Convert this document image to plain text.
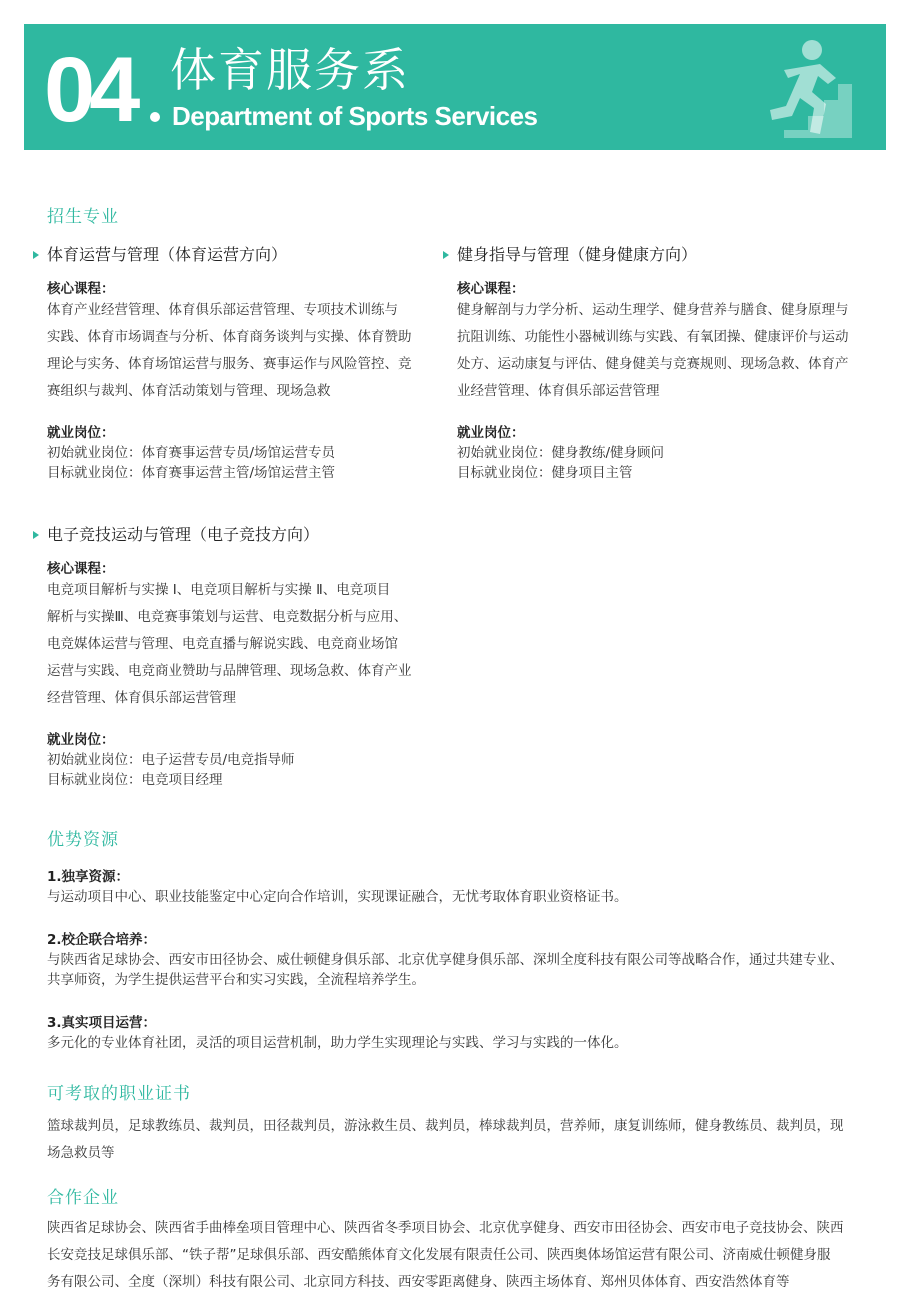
04 体育服务系
Department of Sports Services
招生专业
体育运营与管理（体育运营方向）
核心课程：
体育产业经营管理、体育俱乐部运营管理、专项技术训练与
实践、体育市场调查与分析、体育商务谈判与实操、体育赞助
理论与实务、体育场馆运营与服务、赛事运作与风险管控、竞
赛组织与裁判、体育活动策划与管理、现场急救
就业岗位：
初始就业岗位：体育赛事运营专员/场馆运营专员
目标就业岗位：体育赛事运营主管/场馆运营主管
健身指导与管理（健身健康方向）
核心课程：
健身解剖与力学分析、运动生理学、健身营养与膳食、健身原理与
抗阻训练、功能性小器械训练与实践、有氧团操、健康评价与运动
处方、运动康复与评估、健身健美与竞赛规则、现场急救、体育产
业经营管理、体育俱乐部运营管理
就业岗位：
初始就业岗位：健身教练/健身顾问
目标就业岗位：健身项目主管
电子竞技运动与管理（电子竞技方向）
核心课程：
电竞项目解析与实操 Ⅰ、电竞项目解析与实操 Ⅱ、电竞项目
解析与实操Ⅲ、电竞赛事策划与运营、电竞数据分析与应用、
电竞媒体运营与管理、电竞直播与解说实践、电竞商业场馆
运营与实践、电竞商业赞助与品牌管理、现场急救、体育产业
经营管理、体育俱乐部运营管理
就业岗位：
初始就业岗位：电子运营专员/电竞指导师
目标就业岗位：电竞项目经理
优势资源
1.独享资源：
与运动项目中心、职业技能鉴定中心定向合作培训，实现课证融合，无忧考取体育职业资格证书。
2.校企联合培养：
与陕西省足球协会、西安市田径协会、威仕顿健身俱乐部、北京优享健身俱乐部、深圳全度科技有限公司等战略合作，通过共建专业、
共享师资，为学生提供运营平台和实习实践，全流程培养学生。
3.真实项目运营：
多元化的专业体育社团，灵活的项目运营机制，助力学生实现理论与实践、学习与实践的一体化。
可考取的职业证书
篮球裁判员，足球教练员、裁判员，田径裁判员，游泳救生员、裁判员，棒球裁判员，营养师，康复训练师，健身教练员、裁判员，现
场急救员等
合作企业
陕西省足球协会、陕西省手曲棒垒项目管理中心、陕西省冬季项目协会、北京优享健身、西安市田径协会、西安市电子竞技协会、陕西
长安竞技足球俱乐部、“铁子帮”足球俱乐部、西安酷熊体育文化发展有限责任公司、陕西奥体场馆运营有限公司、济南威仕顿健身服
务有限公司、全度（深圳）科技有限公司、北京同方科技、西安零距离健身、陕西主场体育、郑州贝体体育、西安浩然体育等
